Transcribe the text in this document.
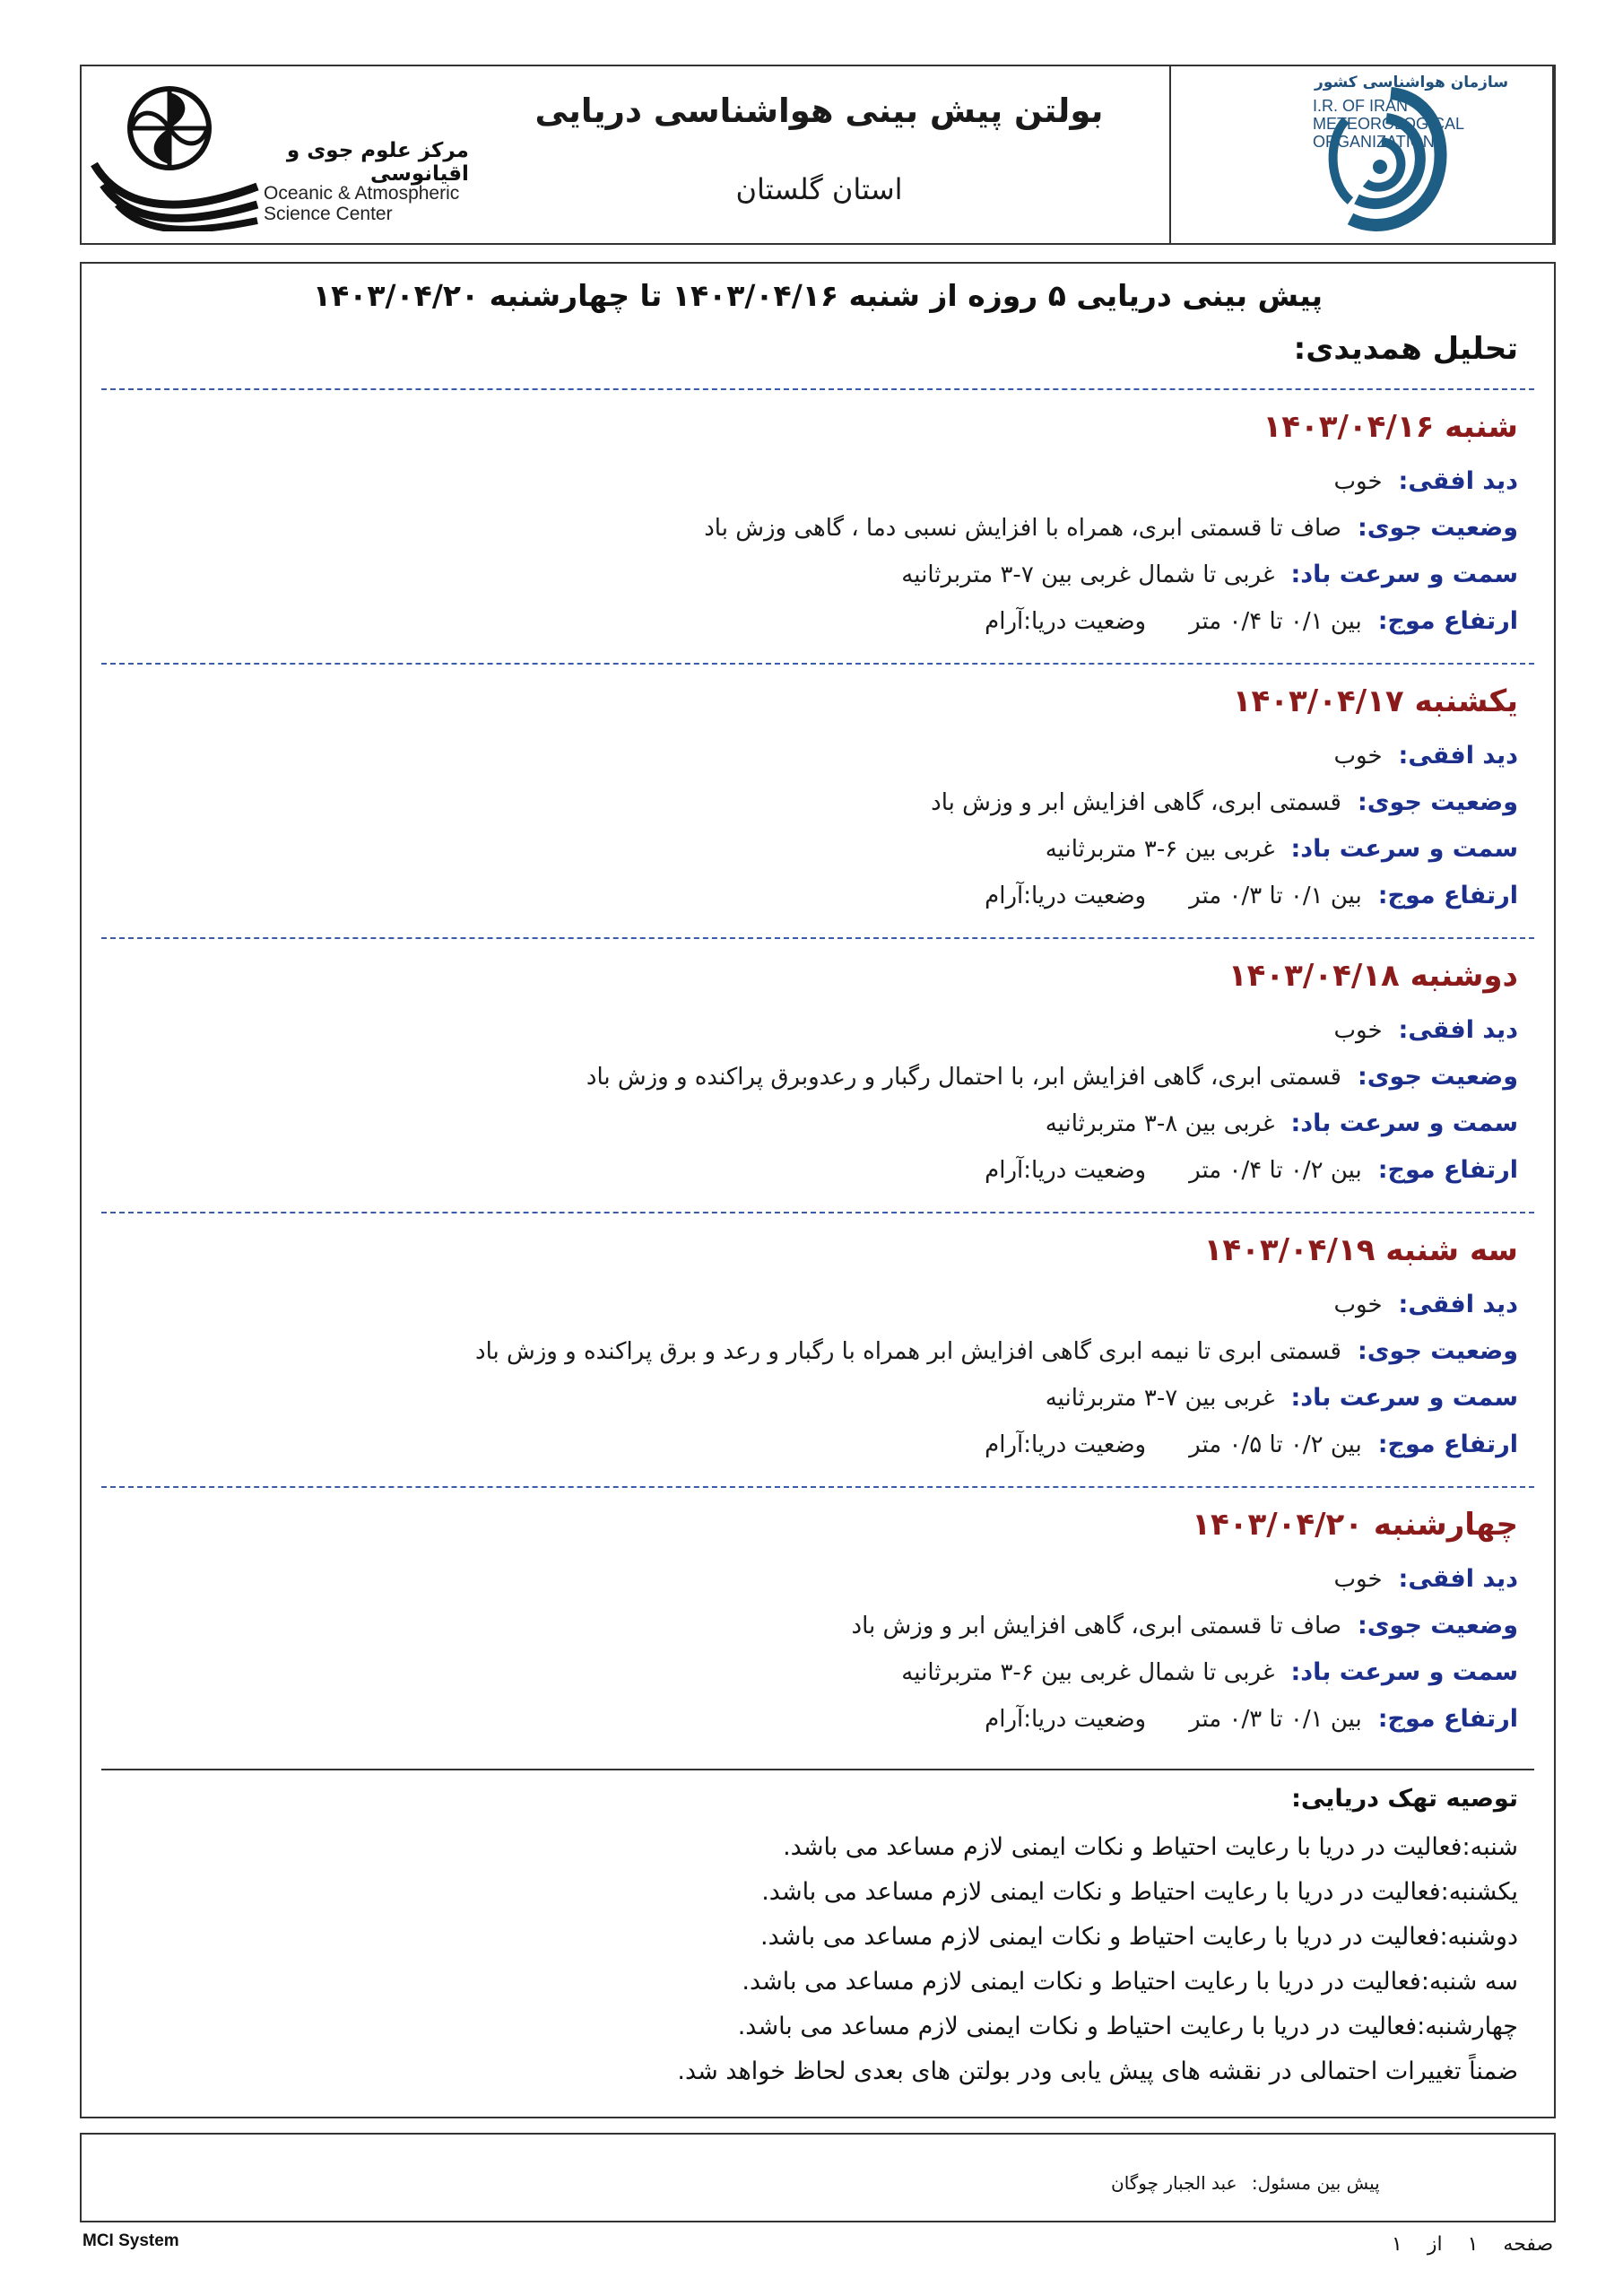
مرکز علوم جوی و اقیانوسی
Oceanic & Atmospheric
Science Center
بولتن پیش بینی هواشناسی دریایی
استان گلستان
سازمان هواشناسی کشور
I.R. OF IRAN
METEOROLOGICAL
ORGANIZATION
پیش بینی دریایی ۵ روزه از شنبه ۱۴۰۳/۰۴/۱۶ تا چهارشنبه ۱۴۰۳/۰۴/۲۰
تحلیل همدیدی:
شنبه ۱۴۰۳/۰۴/۱۶
دید افقی:خوب
وضعیت جوی:صاف تا قسمتی ابری، همراه با افزایش نسبی دما ، گاهی وزش باد
سمت و سرعت باد:غربی تا شمال غربی بین ۷-۳ متربرثانیه
ارتفاع موج:بین ۰/۱ تا ۰/۴ متروضعیت دریا:آرام
یکشنبه ۱۴۰۳/۰۴/۱۷
دید افقی:خوب
وضعیت جوی:قسمتی ابری، گاهی افزایش ابر و وزش باد
سمت و سرعت باد:غربی بین ۶-۳ متربرثانیه
ارتفاع موج:بین ۰/۱ تا ۰/۳ متروضعیت دریا:آرام
دوشنبه ۱۴۰۳/۰۴/۱۸
دید افقی:خوب
وضعیت جوی:قسمتی ابری، گاهی افزایش ابر، با احتمال رگبار و رعدوبرق پراکنده و وزش باد
سمت و سرعت باد:غربی بین ۸-۳ متربرثانیه
ارتفاع موج:بین ۰/۲ تا ۰/۴ متروضعیت دریا:آرام
سه شنبه ۱۴۰۳/۰۴/۱۹
دید افقی:خوب
وضعیت جوی:قسمتی ابری تا نیمه ابری گاهی افزایش ابر همراه با رگبار و رعد و برق پراکنده و وزش باد
سمت و سرعت باد:غربی بین ۷-۳ متربرثانیه
ارتفاع موج:بین ۰/۲ تا ۰/۵ متروضعیت دریا:آرام
چهارشنبه ۱۴۰۳/۰۴/۲۰
دید افقی:خوب
وضعیت جوی:صاف تا قسمتی ابری، گاهی افزایش ابر و وزش باد
سمت و سرعت باد:غربی تا شمال غربی بین ۶-۳ متربرثانیه
ارتفاع موج:بین ۰/۱ تا ۰/۳ متروضعیت دریا:آرام
توصیه تهک دریایی:
شنبه:فعالیت در دریا با رعایت احتیاط و نکات ایمنی لازم مساعد می باشد.
یکشنبه:فعالیت در دریا با رعایت احتیاط و نکات ایمنی لازم مساعد می باشد.
دوشنبه:فعالیت در دریا با رعایت احتیاط و نکات ایمنی لازم مساعد می باشد.
سه شنبه:فعالیت در دریا با رعایت احتیاط و نکات ایمنی لازم مساعد می باشد.
چهارشنبه:فعالیت در دریا با رعایت احتیاط و نکات ایمنی لازم مساعد می باشد.
ضمناً تغییرات احتمالی در نقشه های پیش یابی ودر بولتن های بعدی لحاظ خواهد شد.
پیش بین مسئول: عبد الجبار چوگان
MCI System	صفحه۱از۱
